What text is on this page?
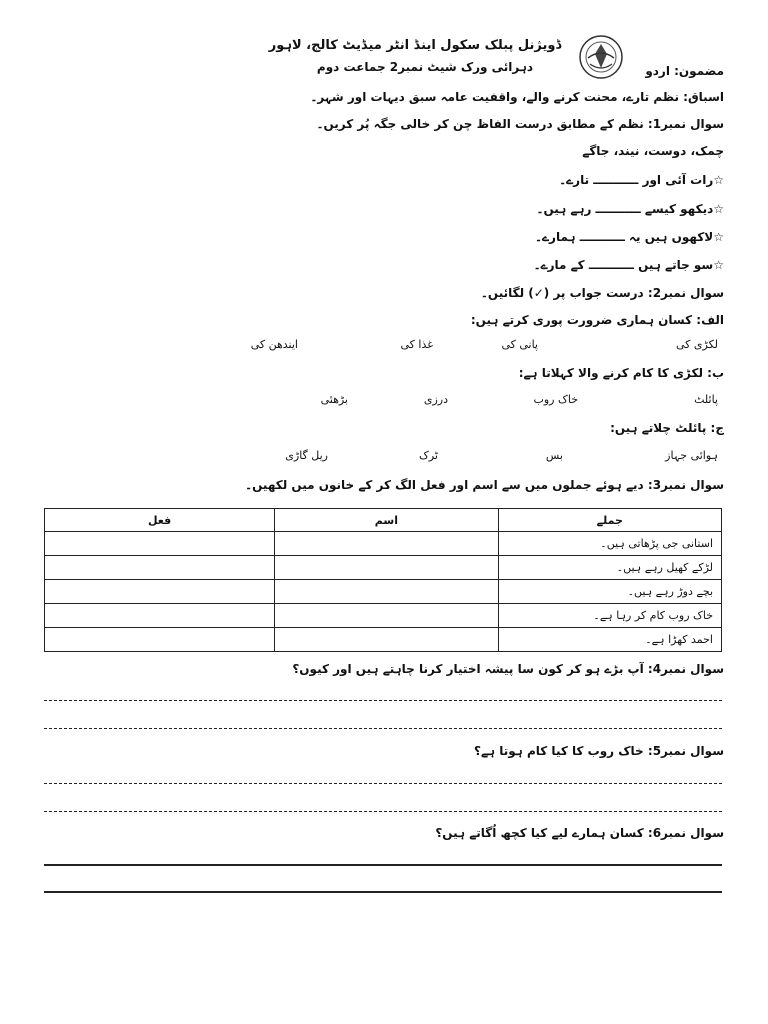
ڈویژنل پبلک سکول اینڈ انٹر میڈیٹ کالج، لاہور
دہرائی ورک شیٹ نمبر2 جماعت دوم	مضمون: اردو
اسباق: نظم تارے، محنت کرنے والے، واقفیت عامہ سبق دیہات اور شہر۔
سوال نمبر1: نظم کے مطابق درست الفاظ چن کر خالی جگہ پُر کریں۔
چمک، دوست، نیند، جاگے
☆رات آئی اور ـــــــــــ تارے۔
☆دیکھو کیسے ـــــــــــ رہے ہیں۔
☆لاکھوں ہیں یہ ـــــــــــ ہمارے۔
☆سو جاتے ہیں ـــــــــــ کے مارے۔
سوال نمبر2: درست جواب پر (✓) لگائیں۔
الف: کسان ہماری ضرورت پوری کرتے ہیں:
لکڑی کی
پانی کی
غذا کی
ایندھن کی
ب: لکڑی کا کام کرنے والا کہلاتا ہے:
پائلٹ
خاک روب
درزی
بڑھئی
ج: پائلٹ چلاتے ہیں:
ہوائی جہاز
بس
ٹرک
ریل گاڑی
سوال نمبر3: دیے ہوئے جملوں میں سے اسم اور فعل الگ کر کے خانوں میں لکھیں۔
جملے	اسم	فعل
استانی جی پڑھاتی ہیں۔		
لڑکے کھیل رہے ہیں۔		
بچے دوڑ رہے ہیں۔		
خاک روب کام کر رہا ہے۔		
احمد کھڑا ہے۔		
سوال نمبر4: آپ بڑے ہو کر کون سا پیشہ اختیار کرنا چاہتے ہیں اور کیوں؟
سوال نمبر5: خاک روب کا کیا کام ہوتا ہے؟
سوال نمبر6: کسان ہمارے لیے کیا کچھ اُگاتے ہیں؟
